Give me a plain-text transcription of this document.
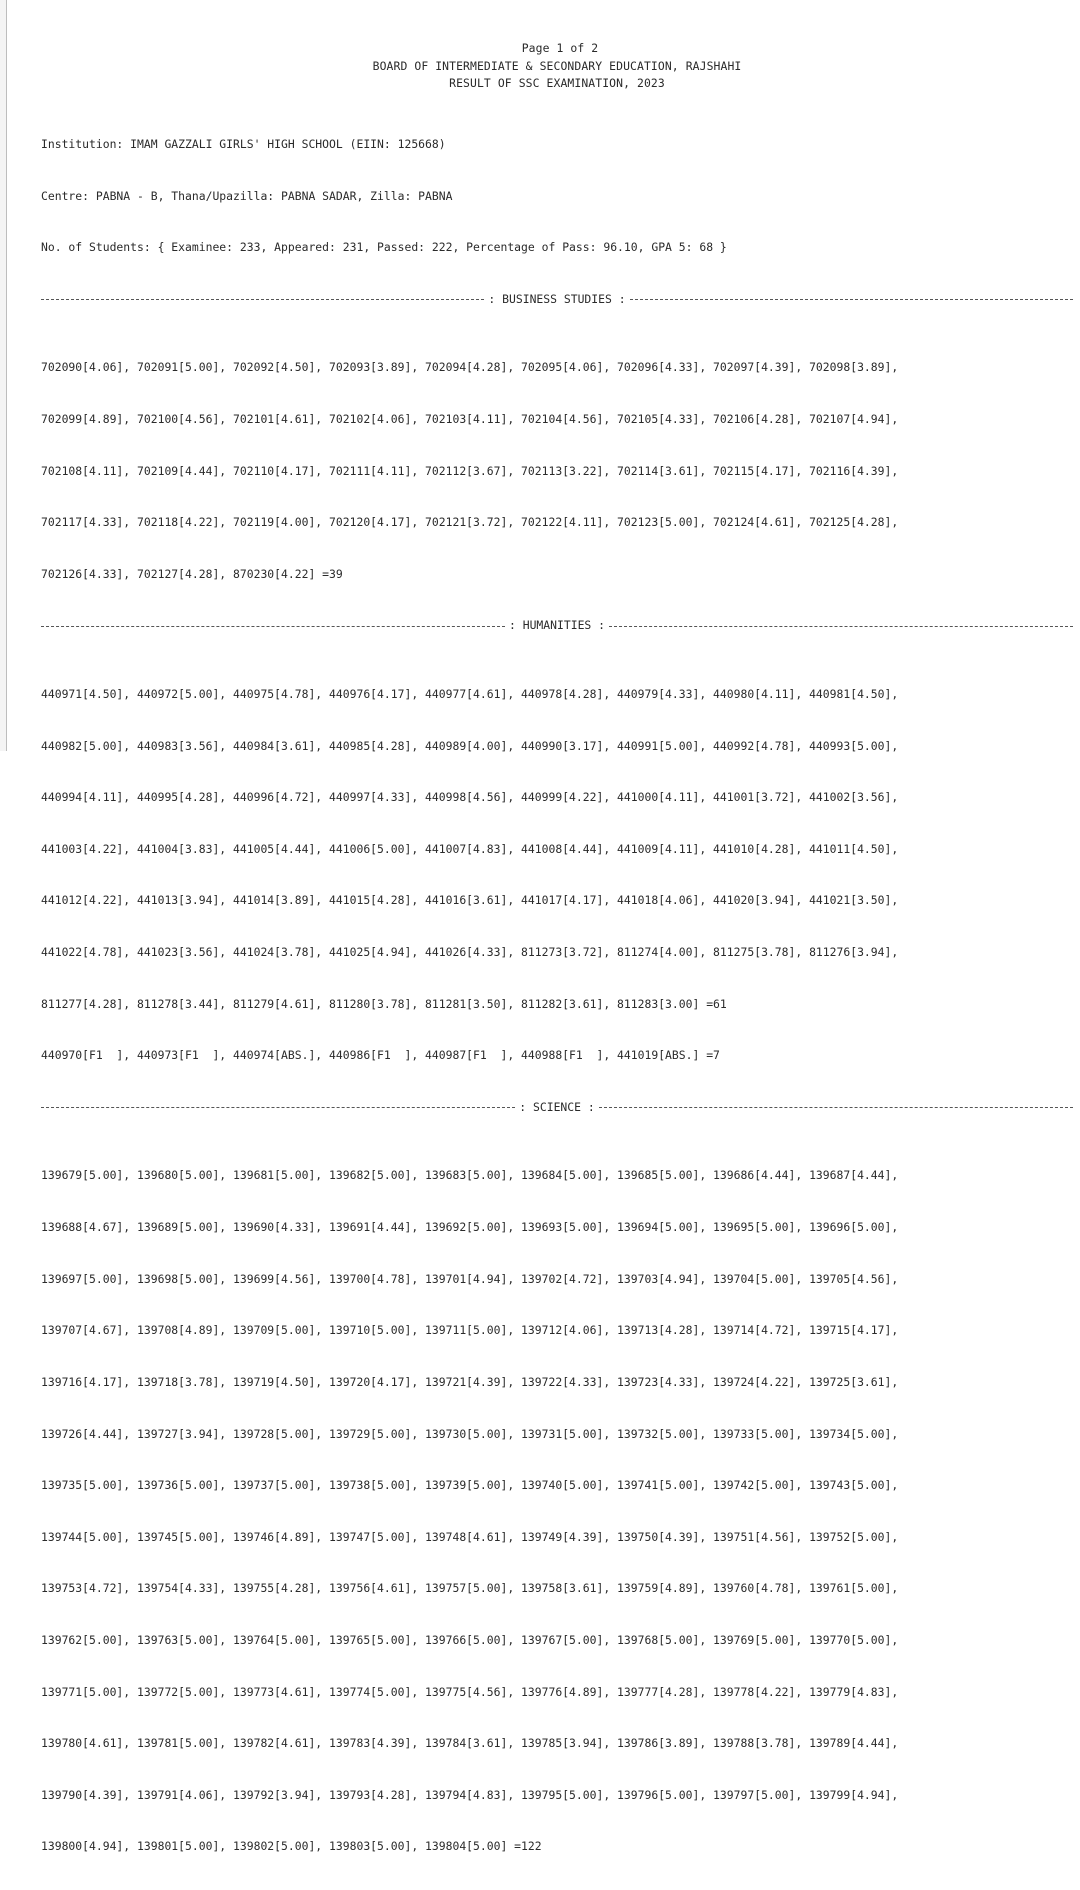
Page 1 of 2
BOARD OF INTERMEDIATE & SECONDARY EDUCATION, RAJSHAHI
RESULT OF SSC EXAMINATION, 2023

Institution: IMAM GAZZALI GIRLS' HIGH SCHOOL (EIIN: 125668)

Centre: PABNA - B, Thana/Upazilla: PABNA SADAR, Zilla: PABNA

No. of Students: { Examinee: 233, Appeared: 231, Passed: 222, Percentage of Pass: 96.10, GPA 5: 68 }

: BUSINESS STUDIES :

702090[4.06], 702091[5.00], 702092[4.50], 702093[3.89], 702094[4.28], 702095[4.06], 702096[4.33], 702097[4.39], 702098[3.89],

702099[4.89], 702100[4.56], 702101[4.61], 702102[4.06], 702103[4.11], 702104[4.56], 702105[4.33], 702106[4.28], 702107[4.94],

702108[4.11], 702109[4.44], 702110[4.17], 702111[4.11], 702112[3.67], 702113[3.22], 702114[3.61], 702115[4.17], 702116[4.39],

702117[4.33], 702118[4.22], 702119[4.00], 702120[4.17], 702121[3.72], 702122[4.11], 702123[5.00], 702124[4.61], 702125[4.28],

702126[4.33], 702127[4.28], 870230[4.22] =39

: HUMANITIES :

440971[4.50], 440972[5.00], 440975[4.78], 440976[4.17], 440977[4.61], 440978[4.28], 440979[4.33], 440980[4.11], 440981[4.50],

440982[5.00], 440983[3.56], 440984[3.61], 440985[4.28], 440989[4.00], 440990[3.17], 440991[5.00], 440992[4.78], 440993[5.00],

440994[4.11], 440995[4.28], 440996[4.72], 440997[4.33], 440998[4.56], 440999[4.22], 441000[4.11], 441001[3.72], 441002[3.56],

441003[4.22], 441004[3.83], 441005[4.44], 441006[5.00], 441007[4.83], 441008[4.44], 441009[4.11], 441010[4.28], 441011[4.50],

441012[4.22], 441013[3.94], 441014[3.89], 441015[4.28], 441016[3.61], 441017[4.17], 441018[4.06], 441020[3.94], 441021[3.50],

441022[4.78], 441023[3.56], 441024[3.78], 441025[4.94], 441026[4.33], 811273[3.72], 811274[4.00], 811275[3.78], 811276[3.94],

811277[4.28], 811278[3.44], 811279[4.61], 811280[3.78], 811281[3.50], 811282[3.61], 811283[3.00] =61

440970[F1  ], 440973[F1  ], 440974[ABS.], 440986[F1  ], 440987[F1  ], 440988[F1  ], 441019[ABS.] =7

: SCIENCE :

139679[5.00], 139680[5.00], 139681[5.00], 139682[5.00], 139683[5.00], 139684[5.00], 139685[5.00], 139686[4.44], 139687[4.44],

139688[4.67], 139689[5.00], 139690[4.33], 139691[4.44], 139692[5.00], 139693[5.00], 139694[5.00], 139695[5.00], 139696[5.00],

139697[5.00], 139698[5.00], 139699[4.56], 139700[4.78], 139701[4.94], 139702[4.72], 139703[4.94], 139704[5.00], 139705[4.56],

139707[4.67], 139708[4.89], 139709[5.00], 139710[5.00], 139711[5.00], 139712[4.06], 139713[4.28], 139714[4.72], 139715[4.17],

139716[4.17], 139718[3.78], 139719[4.50], 139720[4.17], 139721[4.39], 139722[4.33], 139723[4.33], 139724[4.22], 139725[3.61],

139726[4.44], 139727[3.94], 139728[5.00], 139729[5.00], 139730[5.00], 139731[5.00], 139732[5.00], 139733[5.00], 139734[5.00],

139735[5.00], 139736[5.00], 139737[5.00], 139738[5.00], 139739[5.00], 139740[5.00], 139741[5.00], 139742[5.00], 139743[5.00],

139744[5.00], 139745[5.00], 139746[4.89], 139747[5.00], 139748[4.61], 139749[4.39], 139750[4.39], 139751[4.56], 139752[5.00],

139753[4.72], 139754[4.33], 139755[4.28], 139756[4.61], 139757[5.00], 139758[3.61], 139759[4.89], 139760[4.78], 139761[5.00],

139762[5.00], 139763[5.00], 139764[5.00], 139765[5.00], 139766[5.00], 139767[5.00], 139768[5.00], 139769[5.00], 139770[5.00],

139771[5.00], 139772[5.00], 139773[4.61], 139774[5.00], 139775[4.56], 139776[4.89], 139777[4.28], 139778[4.22], 139779[4.83],

139780[4.61], 139781[5.00], 139782[4.61], 139783[4.39], 139784[3.61], 139785[3.94], 139786[3.89], 139788[3.78], 139789[4.44],

139790[4.39], 139791[4.06], 139792[3.94], 139793[4.28], 139794[4.83], 139795[5.00], 139796[5.00], 139797[5.00], 139799[4.94],

139800[4.94], 139801[5.00], 139802[5.00], 139803[5.00], 139804[5.00] =122
